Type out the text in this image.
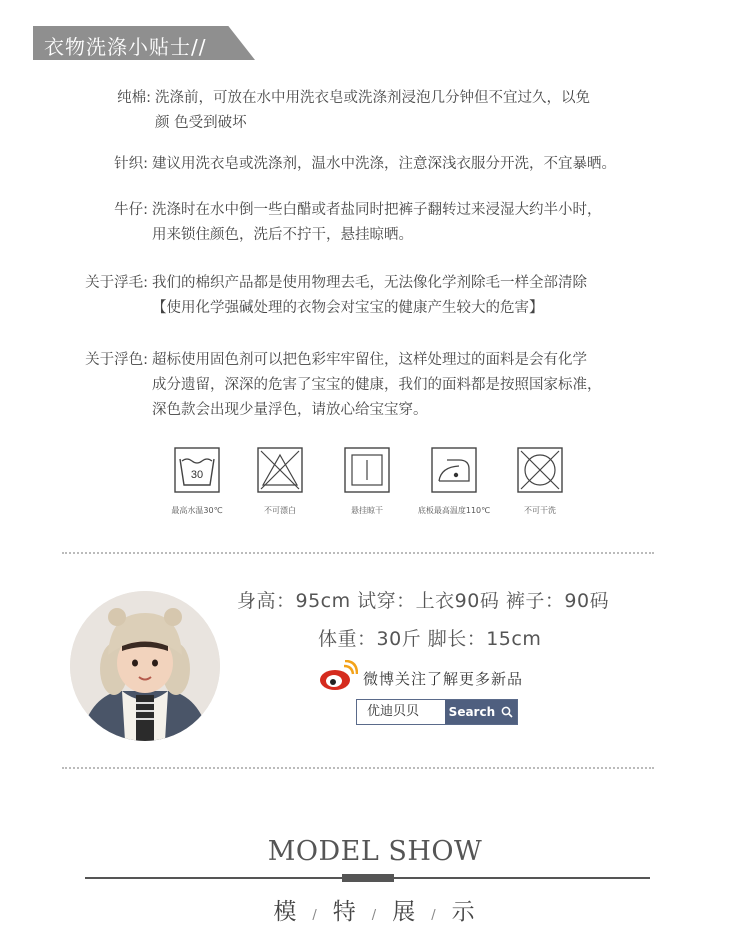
衣物洗涤小贴士//
纯棉: 洗涤前，可放在水中用洗衣皂或洗涤剂浸泡几分钟但不宜过久，以免
颜 色受到破坏
针织: 建议用洗衣皂或洗涤剂，温水中洗涤，注意深浅衣服分开洗，不宜暴晒。
牛仔: 洗涤时在水中倒一些白醋或者盐同时把裤子翻转过来浸湿大约半小时，
用来锁住颜色，洗后不拧干，悬挂晾晒。
关于浮毛: 我们的棉织产品都是使用物理去毛，无法像化学剂除毛一样全部清除
【使用化学强碱处理的衣物会对宝宝的健康产生较大的危害】
关于浮色: 超标使用固色剂可以把色彩牢牢留住，这样处理过的面料是会有化学
成分遗留，深深的危害了宝宝的健康，我们的面料都是按照国家标准，
深色款会出现少量浮色，请放心给宝宝穿。
30
最高水温30℃	不可漂白	悬挂晾干	底板最高温度110℃	不可干洗
身高：95cm 试穿：上衣90码 裤子：90码
体重：30斤 脚长：15cm
微博关注了解更多新品
优迪贝贝	Search
MODEL SHOW
模 / 特 / 展 / 示
